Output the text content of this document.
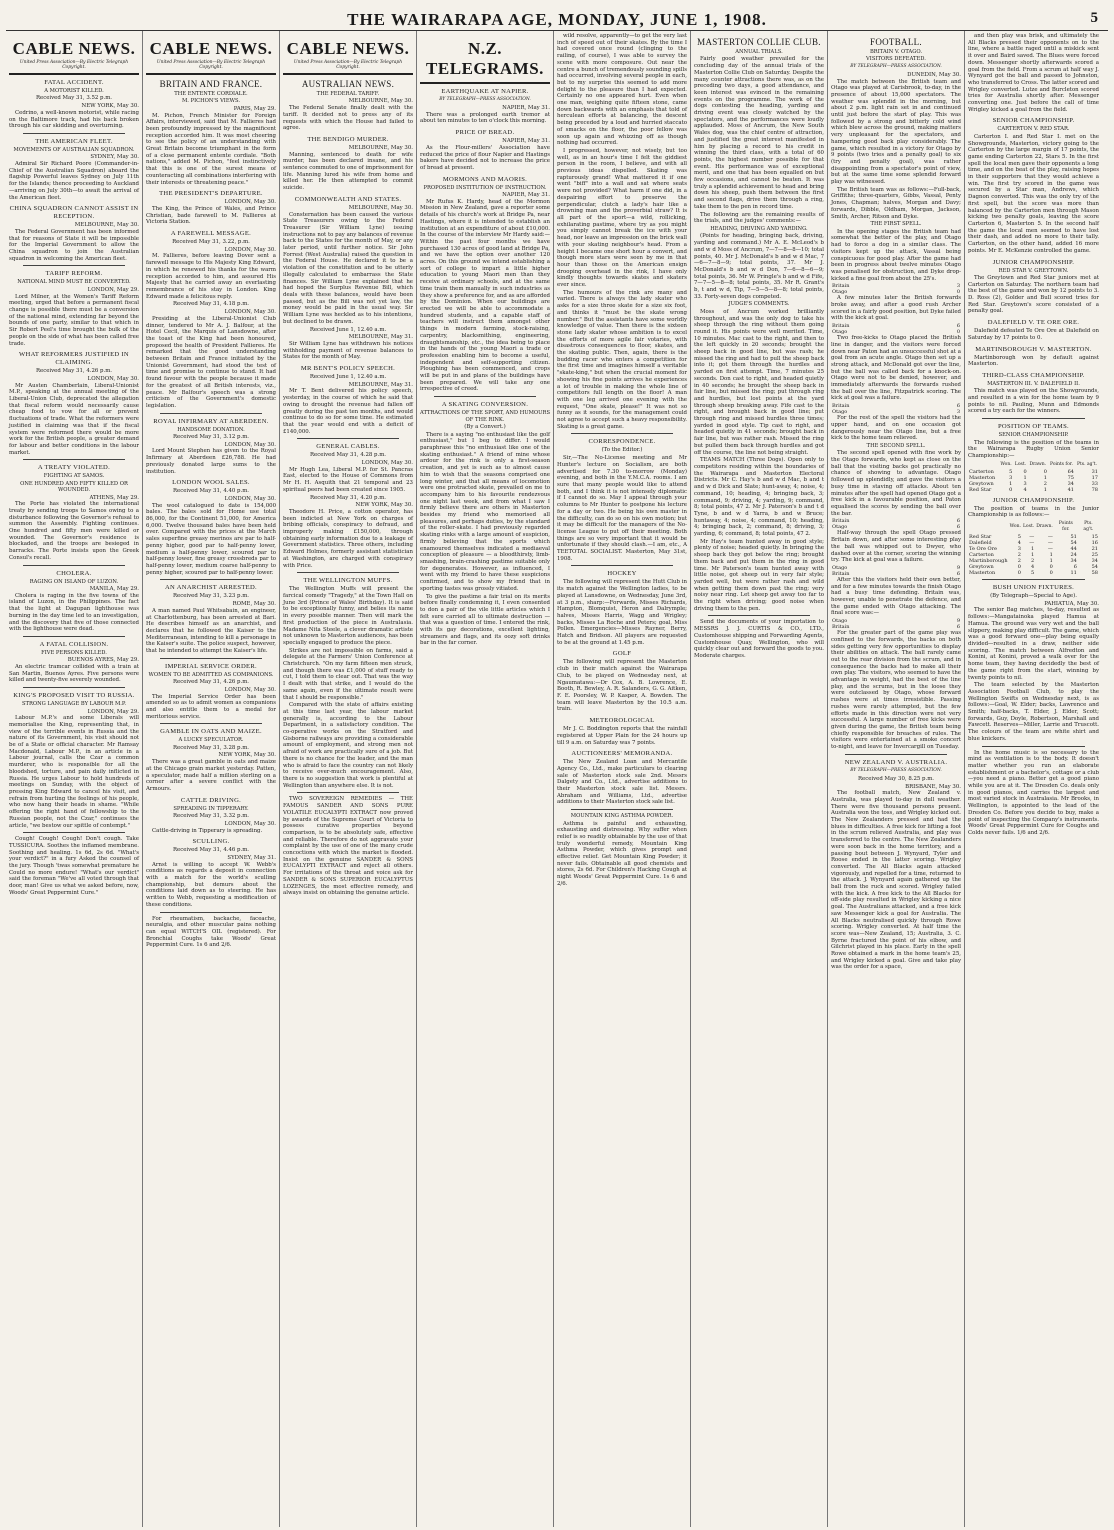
THE WAIRARAPA AGE, MONDAY, JUNE 1, 1908.	5
CABLE NEWS.
United Press Association—By Electric Telegraph Copyright.
FATAL ACCIDENT.
A MOTORIST KILLED.

Received May 31, 3.52 p.m.

NEW YORK, May 30.

Cedrino, a well-known motorist, while racing on the Baltimore track, had his back broken through his car skidding and overturning.

THE AMERICAN FLEET.
MOVEMENTS OF AUSTRALIAN SQUADRON.

SYDNEY, May 30.

Admiral Sir Richard Poore (Commander-in-Chief of the Australian Squadron) aboard the flagship Powerful leaves Sydney on July 11th for the Islands; thence proceeding to Auckland—arriving on July 30th—to await the arrival of the American fleet.

CHINA SQUADRON CANNOT ASSIST IN RECEPTION.

MELBOURNE, May 30.

The Federal Government has been informed that for reasons of State it will be impossible for the Imperial Government to allow the China squadron to join the Australian squadron in welcoming the American fleet.

TARIFF REFORM.
NATIONAL MIND MUST BE CONVERTED.

LONDON, May 29.

Lord Milner, at the Women's Tariff Reform meeting, urged that before a permanent fiscal change is possible there must be a conversion of the national mind, extending far beyond the bounds of one party, similar to that which in Sir Robert Peel's time brought the bulk of the people on the side of what has been called free trade.

WHAT REFORMERS JUSTIFIED IN CLAIMING.

Received May 31, 4.26 p.m.

LONDON, May 30.

Mr Austen Chamberlain, Liberal-Unionist M.P., speaking at the annual meeting of the Liberal-Union Club, deprecated the allegation that fiscal reform would necessarily cause cheap food to vow for all or prevent fluctuations of trade. What the reformers were justified in claiming was that if the fiscal system were reformed there would be more work for the British people, a greater demand for labour and better conditions in the labour market.

A TREATY VIOLATED.
FIGHTING AT SAMOS.
ONE HUNDRED AND FIFTY KILLED OR WOUNDED.

ATHENS, May 29.

The Porte has violated the international treaty by sending troops to Samos owing to a disturbance following the Governor's refusal to summon the Assembly. Fighting continues. One hundred and fifty men were killed or wounded. The Governor's residence is blockaded, and the troops are besieged in barracks. The Porte insists upon the Greek Consul's recall.

CHOLERA.
RAGING ON ISLAND OF LUZON.

MANILA, May 29.

Cholera is raging in the five towns of the island of Luzon, in the Philippines. The fact that the light at Dagupan lighthouse was burning in the day time led to an investigation, and the discovery that five of those connected with the lighthouse were dead.

A FATAL COLLISION.
FIVE PERSONS KILLED.

BUENOS AYRES, May 29.

An electric tramcar collided with a train at San Martin, Buenos Ayres. Five persons were killed and twenty-five severely wounded.

KING'S PROPOSED VISIT TO RUSSIA.
STRONG LANGUAGE BY LABOUR M.P.

LONDON, May 29.

Labour M.P.'s and some Liberals will memorialise the King, representing that, in view of the terrible events in Russia and the nature of its Government, his visit should not be of a State or official character. Mr Ramsay Macdonald, Labour M.P., in an article in a Labour journal, calls the Czar a common murderer, who is responsible for all the bloodshed, torture, and pain daily inflicted in Russia. He urges Labour to hold hundreds of meetings on Sunday, with the object of pressing King Edward to cancel his visit, and refrain from hurting the feelings of his people, who now hang their heads in shame. "While offering the right hand of fellowship to the Russian people, not the Czar," continues the article, "we bestow our spittle of contempt."

Cough! Cough! Cough! Don't cough. Take TUSSICURA. Soothes the inflamed membrane. Soothing and healing. 1s 6d, 2s 6d. "What's your verdict?" in a fury Asked the counsel of the jury. Though 'twas somewhat premature he Could no more endure! "What's our verdict" said the foreman "We've all voted through that door, man! Give us what we asked before, now, Woods' Great Peppermint Cure."

CABLE NEWS.
United Press Association—By Electric Telegraph Copyright.
BRITAIN AND FRANCE.
THE ENTENTE CORDIALE.
M. PICHON'S VIEWS.

PARIS, May 29.

M. Pichon, French Minister for Foreign Affairs, interviewed, said that M. Fallieres had been profoundly impressed by the magnificent reception accorded him. It was most cheering to see the policy of an understanding with Great Britain become triumphant in the form of a close permanent entente cordiale. "Both nations," added M. Pichon, "feel instinctively that this is one of the surest means of counteracting all combinations interfering with their interests or threatening peace."

THE PRESIDENT'S DEPARTURE.

LONDON, May 30.

The King, the Prince of Wales, and Prince Christian, bade farewell to M. Fallieres at Victoria Station.

A FAREWELL MESSAGE.

Received May 31, 3.22, p.m.

LONDON, May 30.

M. Fallieres, before leaving Dover sent a farewell message to His Majesty King Edward, in which he renewed his thanks for the warm reception accorded to him, and assured His Majesty that he carried away an everlasting remembrance of his stay in London. King Edward made a felicitous reply.

Received May 31, 4.18 p.m.

LONDON, May 30.

Presiding at the Liberal-Unionist Club dinner, tendered to Mr A. J. Balfour, at the Hotel Cecil, the Marquis of Lansdowne, after the toast of the King had been honoured, proposed the health of President Fallieres. He remarked that the good understanding between Britain and France initiated by the Unionist Government, had stood the test of time and promise to continue to stand. It had found favour with the people because it made for the greatest of all British interests, viz., peace. Mr Balfour's speech was a strong criticism of the Government's domestic legislation.

ROYAL INFIRMARY AT ABERDEEN.
HANDSOME DONATION.

Received May 31, 3.12 p.m.

LONDON, May 30.

Lord Mount Stephen has given to the Royal Infirmary at Aberdeen £26,788. He had previously donated large sums to the institution.

LONDON WOOL SALES.

Received May 31, 4.40 p.m.

LONDON, May 30.

The wool catalogued to date is 154,000 bales. The bales sold for Home use total 86,000, for the Continent 51,000, for America 6,000. Twelve thousand bales have been held over. Compared with the prices at the March sales superfine greasy merinos are par to half-penny higher, good par to half-penny lower, medium a half-penny lower, scoured par to half-penny lower, fine greasy crossbreds par to half-penny lower, medium coarse half-penny to penny higher, scoured par to half-penny lower.

AN ANARCHIST ARRESTED.

Received May 31, 3.23 p.m.

ROME, May 30.

A man named Paul Whitsabain, an engineer, at Charlottenburg, has been arrested at Bari. He describes himself as an anarchist, and declares that he followed the Kaiser to the Mediterranean, intending to kill a personage in the Kaiser's suite. The police suspect, however, that he intended to attempt the Kaiser's life.

IMPERIAL SERVICE ORDER.
WOMEN TO BE ADMITTED AS COMPANIONS.

Received May 31, 4.26 p.m.

LONDON, May 30.

The Imperial Service Order has been amended so as to admit women as companions and also entitle them to a medal for meritorious service.

GAMBLE IN OATS AND MAIZE.
A LUCKY SPECULATOR.

Received May 31, 3.28 p.m.

NEW YORK, May 30.

There was a great gamble in oats and maize at the Chicago grain market yesterday. Patten, a speculator, made half a million sterling on a corner after a severe conflict with the Armours.

CATTLE DRIVING.
SPREADING IN TIPPERARY.

Received May 31, 3.32 p.m.

LONDON, May 30.

Cattle-driving in Tipperary is spreading.

SCULLING.

Received May 31, 4.46 p.m.

SYDNEY, May 31.

Arnst is willing to accept W. Webb's conditions as regards a deposit in connection with a match for the world's sculling championship, but demurs about the conditions laid down as to steering. He has written to Webb, requesting a modification of these conditions.

For rheumatism, backache, faceache, neuralgia, and other muscular pains nothing can equal WITCH'S OIL (registered). For Bronchial Coughs take Woods' Great Peppermint Cure. 1s 6 and 2/6.

CABLE NEWS.
United Press Association—By Electric Telegraph Copyright.
AUSTRALIAN NEWS.
THE FEDERAL TARIFF.

MELBOURNE, May 30.

The Federal Senate finally dealt with the tariff. It decided not to press any of its requests with which the House had failed to agree.

THE BENDIGO MURDER.

MELBOURNE, May 30.

Manning, sentenced to death for wife murder, has been declared insane, and his sentence commuted to one of imprisonment for life. Manning lured his wife from home and killed her. He then attempted to commit suicide.

COMMONWEALTH AND STATES.

MELBOURNE, May 30.

Consternation has been caused the various State Treasurers owing to the Federal Treasurer (Sir William Lyne) issuing instructions not to pay any balances of revenue back to the States for the month of May, or any later period, until further notice. Sir John Forrest (West Australia) raised the question in the Federal House. He declared it to be a violation of the constitution and to be utterly illegally calculated to embarrass the State finances. Sir William Lyne explained that he had hoped the Surplus Revenue Bill, which deals with these balances, would have been passed, but as the Bill was not yet law, the money would be paid in the usual way. Sir William Lyne was heckled as to his intentions, but declined to be drawn.

Received June 1, 12.40 a.m.

MELBOURNE, May 31.

Sir William Lyne has withdrawn his notices withholding payment of revenue balances to States for the month of May.

MR BENT'S POLICY SPEECH.

Received June 1, 12.40 a.m.

MELBOURNE, May 31.

Mr T. Bent delivered his policy speech, yesterday, in the course of which he said that owing to drought the revenue had fallen off greatly during the past ten months, and would continue to do so for some time. He estimated that the year would end with a deficit of £140,000.

GENERAL CABLES.

Received May 31, 4.28 p.m.

LONDON, May 30.

Mr Hugh Lea, Liberal M.P. for St. Pancras East, elected to the House of Commons from Mr H. H. Asquith that 21 temporal and 23 spiritual peers had been created since 1905.

Received May 31, 4.20 p.m.

NEW YORK, May 30.

Theodore H. Price, a cotton operator, has been indicted at New York on charges of bribing officials, conspiracy to defraud, and improperly making £150,000, through obtaining early information due to a leakage of Government statistics. Three others, including Edward Holmes, formerly assistant statistician at Washington, are charged with conspiracy with Price.

THE WELLINGTON MUFFS.

The Wellington Muffs will present the farcical comedy "Tragedy," at the Town Hall on June 3rd (Prince of Wales' Birthday). It is said to be exceptionally funny, and belies its name in every possible manner. Then will mark the first production of the piece in Australasia. Madame Nita Steele, a clever dramatic artiste not unknown to Masterton audiences, has been specially engaged to produce the piece.

Strikes are not impossible on farms, said a delegate at the Farmers' Union Conference at Christchurch. "On my farm fifteen men struck, and though there was £1,000 of stuff ready to cut, I told them to clear out. That was the way I dealt with that strike, and I would do the same again, even if the ultimate result were that I should be responsible."

Compared with the state of affairs existing at this time last year, the labour market generally is, according to the Labour Department, in a satisfactory condition. The co-operative works on the Stratford and Gisborne railways are providing a considerable amount of employment, and strong men not afraid of work are practically sure of a job. But there is no chance for the leader, and the man who is afraid to face the country can not likely to receive over-much encouragement. Also, there is no suggestion that work is plentiful at Wellington than anywhere else. It is not.

TWO SOVEREIGN REMEDIES — THE FAMOUS SANDER AND SONS PURE VOLATILE EUCALYPTI EXTRACT now proved by awards of the Supreme Court of Victoria to possess curative properties beyond comparison, is to be absolutely safe, effective and reliable. Therefore do not aggravate your complaint by the use of one of the many crude concoctions with which the market is flooded. Insist on the genuine SANDER & SONS EUCALYPTI EXTRACT and reject all others. For irritations of the throat and voice ask for SANDER & SONS SUPERIOR EUCALYPTUS LOZENGES, the most effective remedy, and always insist on obtaining the genuine article.

N.Z. TELEGRAMS.
EARTHQUAKE AT NAPIER.
BY TELEGRAPH—PRESS ASSOCIATION.

NAPIER, May 31.

There was a prolonged earth tremor at about ten minutes to ten o'clock this morning.

PRICE OF BREAD.

NAPIER, May 31.

As the Flour-millers' Association have reduced the price of flour Napier and Hastings bakers have decided not to increase the price of bread at present.

MORMONS AND MAORIS.
PROPOSED INSTITUTION OF INSTRUCTION.

NAPIER, May 31.

Mr Rufus K. Hardy, head of the Mormon Mission in New Zealand, gave a reporter some details of his church's work at Bridge Pa, near Hastings, where it is intended to establish an institution at an expenditure of about £10,000. In the course of the interview Mr Hardy said:—Within the past four months we have purchased 130 acres of good land at Bridge Pa, and we have the option over another 120 acres. On this ground we intend establishing a sort of college to impart a little higher education to young Maori men than they receive at ordinary schools, and at the same time train them manually in such industries as they show a preference for, and as are afforded by the Dominion. When our buildings are erected we will be able to accommodate a hundred students, and a capable staff of teachers will instruct them amongst other things in modern farming, stock-raising, carpentry, blacksmithing, engineering, draughtsmanship, etc., the idea being to place in the hands of the young Maori a trade or profession enabling him to become a useful, independent and self-supporting citizen. Ploughing has been commenced, and crops will be put in and plans of the buildings have been prepared. We will take any one irrespective of creed.

A SKATING CONVERSION.
ATTRACTIONS OF THE SPORT, AND HUMOURS OF THE RINK.
(By a Convert.)

There is a saying "no enthusiast like the golf enthusiast," but I beg to differ. I would paraphrase this "no enthusiast like one of the skating enthusiast." A friend of mine whose ardour for the rink is only a first-season creation, and yet is such as to almost cause him to wish that the seasons comprised one long winter, and that all means of locomotion were one protracted skate, prevailed on me to accompany him to his favourite rendezvous one night last week, and from what I saw I firmly believe there are others in Masterton besides my friend who memorised all pleasures, and perhaps duties, by the standard of the roller-skate. I had previously regarded skating rinks with a large amount of suspicion, firmly believing that the sports which enamoured themselves indicated a mediaeval conception of pleasure — a bloodthirsty, limb-smashing, brain-crashing pastime suitable only for degenerates. However, as influenced, I went with my friend to have these suspicions confirmed, and to show my friend that in sporting tastes was grossly vitiated.

To give the pastime a fair trial on its merits before finally condemning it, I even consented to don a pair of the vile little articles which I felt sure carried all to ultimate destruction — that was a question of time. I entered the rink, with its gay decorations, excellent lighting, streamers and flags, and its oozy soft drinks bar in the far corner.

wild resolve, apparently—to get the very last inch of speed out of their skates. By the time I had covered once round (clinging to the railing, of course), I was able to survey the scene with more composure. Out near the centre a bunch of tremendously sounding spills had occurred, involving several people in each, but to my surprise this seemed to add more delight to the pleasure than I had expected. Certainly no one appeared hurt. Even when one man, weighing quite fifteen stone, came down backwards with an emphasis that told of herculean efforts at balancing, the descent being preceded by a loud and hurried staccato of smacks on the floor, the poor fellow was soon up again and whizzing off as though nothing had occurred.

I progressed, however, not wisely, but too well, as in an hour's time I felt the giddiest person in the room, I believe, and with all previous ideas dispelled. Skating was rapturously grand! What mattered it if one went "biff" into a wall and sat where seats were not provided? What harm if one did, in a despairing effort to preserve the perpendicular, clutch a lady's hair like a drowning man and the proverbial straw? It is all part of the sport—a wild, rollicking, exhilarating pastime, where try as you might you simply cannot break the ice with your head, nor leave an impression on the brick wall with your skating neighbour's head. From a height I became one short hour a convert, and though more stars were seen by me in that hour than those on the American ensign drooping overhead in the rink, I have only kindly thoughts towards skates and skaters ever since.

The humours of the rink are many and varied. There is always the lady skater who asks for a size three skate for a size six foot, and thinks it "must be the skate wrong number." But the assistants have some worldly knowledge of value. Then there is the sixteen stone lady skater whose ambition is to excel the efforts of more agile fair votaries, with disastrous consequences to floor, skates, and the skating public. Then, again, there is the budding racer who enters a competition for the first time and imagines himself a veritable "skate-king," but when the crucial moment for showing his fine points arrives he experiences a lot of trouble in making the whole line of competitors full length on the floor! A man with one leg arrived one evening with the request, "One skate, please!" It was not so funny as it sounds, for the management could not agree to accept such a heavy responsibility. Skating is a great game.

CORRESPONDENCE.
(To the Editor.)

Sir,—The No-License meeting and Mr Hunter's lecture on Socialism, are both advertised for 7.30 to-morrow (Monday) evening, and both in the Y.M.C.A. rooms. I am sure that many people would like to attend both, and I think it is not intensely diplomatic if I cannot do so. May I appeal through your columns to Mr Hunter to postpone his lecture for a day or two. He being his own master in the difficulty, can do so on his own motion; but it may be difficult for the managers of the No-license League to put off their meeting. Both things are so very important that it would be unfortunate if they should clash.—I am, etc., A TEETOTAL SOCIALIST. Masterton, May 31st, 1908.

HOCKEY

The following will represent the Hutt Club in its match against the Wellington ladies, to be played at Lansdowne, on Wednesday, June 3rd, at 3 p.m., sharp:—Forwards, Misses Richards, Hampton, Blomquist, Heron and Dalrymple; halves, Misses Harris, Wagg and Wrigley; backs, Misses La Roche and Peters; goal, Miss Pollen. Emergencies—Misses Rayner, Berry, Hatch and Bridson. All players are requested to be at the ground at 1.45 p.m.

GOLF

The following will represent the Masterton club in their match against the Wairarapa Club, to be played on Wednesday next, at Ngaumatawa:—Dr Cox, A. B. Lowrence, E. Booth, R. Bewley, A. R. Salanders, G. G. Aitken, F. E. Poorsley, W. P. Kasper, A. Bowden. The team will leave Masterton by the 10.5 a.m. train.

METEOROLOGICAL

Mr J. C. Boddington reports that the rainfall registered at Upper Plain for the 24 hours up till 9 a.m. on Saturday was 7 points.

AUCTIONEERS' MEMORANDA.

The New Zealand Loan and Mercantile Agency Co., Ltd., make particulars to clearing sale of Masterton stock sale 2nd. Messrs Dalgety and Co., Ltd., advertise additions to their Masterton stock sale list. Messrs. Abraham and Williams, Ltd., advertise additions to their Masterton stock sale list.

MOUNTAIN KING ASTHMA POWDER.

Asthma is painful and exhausting, exhausting and distressing. Why suffer when relief is so readily obtainable by the use of that truly wonderful remedy, Mountain King Asthma Powder, which gives prompt and effective relief. Get Mountain King Powder; it never fails. Obtainable all good chemists and stores, 2s 6d. For Children's Hacking Cough at night Woods' Great Peppermint Cure. 1s 6 and 2/6.

MASTERTON COLLIE CLUB.
ANNUAL TRIALS.

Fairly good weather prevailed for the concluding day of the annual trials of the Masterton Collie Club on Saturday. Despite the many counter attractions there was, as on the preceding two days, a good attendance, and keen interest was evinced in the remaining events on the programme. The work of the dogs contesting the heading, yarding and driving event was closely watched by the spectators, and the performances were loudly applauded. Moss of Ancrum, the New South Wales dog, was the chief centre of attraction, and justified the great interest manifested in him by placing a record to his credit in winning the third class, with a total of 60 points, the highest number possible for that event. His performance was of exceptional merit, and one that has been equalled on but few occasions, and cannot be beaten. It was truly a splendid achievement to head and bring down his sheep, push them between the first and second flags, drive them through a ring, take them to the pen in record time.

The following are the remaining results of the trials, and the judges' comments:—

HEADING, DRIVING AND YARDING.

(Points for heading, bringing back, driving, yarding and command.) Mr A. E. McLeod's b and w d Moss of Ancrum, 7—7—8—8—10; total points, 40. Mr J. McDonald's b and w d Mac, 7—6—7—8—9; total points, 37. Mr J. McDonald's b and w d Don, 7—6—8—6—9; total points, 36. Mr W. Pringle's b and w d Fife, 7—7—5—8—8; total points, 35. Mr R. Grant's b, t and w d, Tip, 7—5—5—8—8; total points, 33. Forty-seven dogs competed.

JUDGE'S COMMENTS.

Moss of Ancrum worked brilliantly throughout, and was the only dog to take his sheep through the ring without them going round it. His points were well merited. Time, 10 minutes. Mac cast to the right, and then to the left quickly in 20 seconds; brought the sheep back in good line, but was rash; he missed the ring and had to pull the sheep back into it; got them through the hurdles and yarded on first attempt. Time, 7 minutes 25 seconds. Don cast to right, and headed quietly in 40 seconds; he brought the sheep back in fair line, but missed the ring; put through ring and hurdles, but lost points at the yard through sheep breaking away. Fife cast to the right, and brought back in good line; put through ring and missed hurdles three times; yarded in good style. Tip cast to right, and headed quietly in 41 seconds; brought back in fair line, but was rather rash. Missed the ring but pulled them back through hurdles and got off the course, the line not being straight.

TEAMS MATCH (Three Dogs). Open only to competitors residing within the boundaries of the Wairarapa and Masterton Electoral Districts. Mr C. Hay's b and w d Mac, b and t and w d Dick and Slate; hunt-away, 4; noise, 4; command, 10; heading, 4; bringing back, 3; command, 9; driving, 4; yarding, 9; command, 8; total points, 47 2. Mr J. Paterson's b and t d Tyne, b and w d Yarra, b and w Bruce; huntaway, 4; noise, 4; command, 10; heading, 4; bringing back, 2; command, 8; driving, 3; yarding, 6; command, 8; total points, 47 2.

Mr Hay's team hunted away in good style; plenty of noise; headed quietly. In bringing the sheep back they got below the ring; brought them back and put them in the ring in good time. Mr Paterson's team hunted away with little noise, got sheep out in very fair style; yarded well, but were rather rash and wild when getting them down past the ring; very noisy near ring. Let sheep get away too far to the right when driving; good noise when driving them to the pen.

Send the documents of your importation to MESSRS J. J. CURTIS & CO., LTD., Customhouse shipping and Forwarding Agents, Customhouse Quay, Wellington, who will quickly clear out and forward the goods to you. Moderate charges.

FOOTBALL.
BRITAIN V. OTAGO.
VISITORS DEFEATED.
BY TELEGRAPH—PRESS ASSOCIATION.

DUNEDIN, May 30.

The match between the British team and Otago was played at Carisbrook, to-day, in the presence of about 15,000 spectators. The weather was splendid in the morning, but about 2 p.m. light rain set in and continued until just before the start of play. This was followed by a strong and bitterly cold wind which blew across the ground, making matters very unpleasant for the spectators, and hampering good back play considerably. The game, which resulted in a victory for Otago by 9 points (two tries and a penalty goal) to six (try and penalty goal), was rather disappointing from a spectator's point of view, but at the same time some splendid forward play was witnessed.

The British team was as follows:—Full-back, Griffiths; three-quarters, Gibbs, Vassal, Penty Jones, Chapman; halves, Morgan and Davy; forwards, Dibble, Oldham, Morgan, Jackson, Smith, Archer, Ritson and Dyke.

THE FIRST SPELL.

In the opening stages the British team had somewhat the better of the play, and Otago had to force a dog in a similar class. The visitors kept up the attack, Vassal being conspicuous for good play. After the game had been in progress about twelve minutes Otago was penalised for obstruction, and Dyke drop-kicked a fine goal from about the 25's.

Britain	3
Otago	0

A few minutes later the British forwards broke away, and after a good rush Archer scored in a fairly good position, but Dyke failed with the kick at goal.

Britain	6
Otago	0

Two free-kicks to Otago placed the British line in danger, and the visitors were forced down near Paton had an unsuccessful shot at a goal from an acute angle. Otago then set up a strong attack, and McDonald got over the line, but the ball was called back for a knock-on. Otago were not to be denied, however, and immediately afterwards the forwards rushed the ball over the line, Fitzpatrick scoring. The kick at goal was a failure.

Britain	6
Otago	3

For the rest of the spell the visitors had the upper hand, and on one occasion got dangerously near the Otago line, but a free kick to the home team relieved.

THE SECOND SPELL.

The second spell opened with fine work by the Otago forwards, who kept as close on the ball that the visiting backs got practically no chance of showing to advantage. Otago followed up splendidly, and gave the visitors a busy time in staving off attacks. About ten minutes after the spell had opened Otago got a free kick in a favourable position, and Paton equalised the scores by sending the ball over the bar.

Britain	6
Otago	6

Half-way through the spell Otago pressed Britain down, and after some interesting play the ball was whipped out to Dwyer, who dashed over at the corner, scoring the winning try. The kick at goal was a failure.

Otago	9
Britain	6

After this the visitors held their own better, and for a few minutes towards the finish Otago had a busy time defending. Britain was, however, unable to penetrate the defence, and the game ended with Otago attacking. The final score was:—

Otago	9
Britain	6

For the greater part of the game play was confined to the forwards, the backs on both sides getting very few opportunities to display their abilities on attack. The ball rarely came out to the rear division from the scrum, and in consequence the backs had to make all their own play. The visitors, who seemed to have the advantage in weight, had the best of the line play, and the scrums, but in the loose they were outclassed by Otago, whose forward rushes were at times irresistible. Passing rushes were rarely attempted, but the few efforts made in this direction were not very successful. A large number of free kicks were given during the game, the British team being chiefly responsible for breaches of rules. The visitors were entertained at a smoke concert to-night, and leave for Invercargill on Tuesday.

NEW ZEALAND V. AUSTRALIA.
BY TELEGRAPH—PRESS ASSOCIATION.

Received May 30, 8.25 p.m.

BRISBANE, May 30.

The football match, New Zealand v. Australia, was played to-day in dull weather. There were five thousand persons present. Australia won the toss, and Wrigley kicked out. The New Zealanders pressed and had the blues in difficulties. A free kick for lifting a foot in the scrum relieved Australia, and play was transferred to the centre. The New Zealanders were soon back in the home territory, and a passing bout between J. Wynyard, Tyler and Roose ended in the latter scoring. Wrigley converted. The All Blacks again attacked vigorously, and repelled for a time, returned to the attack. J. Wynyard again gathered up the ball from the ruck and scored. Wrigley failed with the kick. A free kick to the All Blacks for off-side play resulted in Wrigley kicking a nice goal. The Australians attacked, and a free kick saw Messenger kick a goal for Australia. The All Blacks neutralised quickly through Rowe scoring. Wrigley converted. At half time the score was—New Zealand, 15; Australia, 3. C. Byrne fractured the point of his elbow, and Gilchrist played in his place. Early in the spell Rowe obtained a mark in the home team's 25, and Wrigley kicked a goal. Give and take play was the order for a space,

and then play was brisk, and ultimately the All Blacks pressed their opponents on to the line, where a battle raged until a miskick sent it over and Baird saved. The Blues were forced down. Messenger shortly afterwards scored a goal from the field. From a scrum at half way J. Wynyard got the ball and passed to Johnston, who transferred to Cross. The latter scored and Wrigley converted. Lutze and Burcleton scored tries for Australia shortly after. Messenger converting one. Just before the call of time Wrigley kicked a goal from the field.

SENIOR CHAMPIONSHIP.
CARTERTON V. RED STAR.

Carterton I. and Red Star I. met on the Showgrounds, Masterton, victory going to the Carterton by the large margin of 17 points, the game ending Carterton 22, Stars 5. In the first spell the local men gave their opponents a long time, and on the beat of the play, raising hopes in their supporters that they would achieve a win. The first try scored in the game was secured by a Star man, Andrews, which Dagnon converted. This was the only try of the first spell, but the score was more than balanced by the Carterton men through Mason kicking two penalty goals, leaving the score Carterton 6, Masterton 5. In the second half the game the local men seemed to have lost their dash, and added no more to their tally. Carterton, on the other hand, added 16 more points. Mr E. McKenzie controlled the game.

JUNIOR CHAMPIONSHIP.
RED STAR V. GREYTOWN.

The Greytown and Red Star juniors met at Carterton on Saturday. The northern team had the best of the game and won by 12 points to 3. D. Ross (2), Golder and Bull scored tries for Red Star. Greytown's score consisted of a penalty goal.

DALEFIELD V. TE ORE ORE.

Dalefield defeated Te Ore Ore at Dalefield on Saturday by 17 points to 0.

MARTINBOROUGH V. MASTERTON.

Martinborough won by default against Masterton.

THIRD-CLASS CHAMPIONSHIP.
MASTERTON III. V. DALEFIELD II.

This match was played on the Showgrounds, and resulted in a win for the home team by 9 points to nil. Pauling, Munn and Edmonds scored a try each for the winners.

POSITION OF TEAMS.
SENIOR CHAMPIONSHIP.

The following is the position of the teams in the Wairarapa Rugby Union Senior Championship:—

	Won.	Lost.	Drawn.	Points for.	Pts. ag't.
Carterton	5	0	0	64	31
Masterton	3	1	1	75	17
Greytown	1	3	2	34	33
Red Star	0	4	1	41	78
JUNIOR CHAMPIONSHIP.

The position of teams in the Junior Championship is as follows:—

	Won.	Lost.	Drawn.	Points for.	Pts. ag't.
Red Star	5	—	—	51	15
Dalefield	4	—	—	54	16
Te Ore Ore	3	1	—	44	21
Carterton	2	1	1	24	25
Martinborough	2	2	1	34	34
Greytown	0	4	0	6	54
Masterton	0	5	0	11	58
BUSH UNION FIXTURES.
(By Telegraph—Special to Age).

PAHIATUA, May 30.

The senior Bag matches, to-day, resulted as follows:—Mangatainoka played Hamua at Hamua. The ground was very wet and the ball slippery, making play difficult. The game, which was a good forward one—play being equally divided—resulted in a draw, neither side scoring. The match between Alfredton and Konini, at Konini, proved a walk over for the home team, they having decidedly the best of the game right from the start, winning by twenty points to nil.

The team selected by the Masterton Association Football Club, to play the Wellington Swifts on Wednesday next, is as follows:—Goal, W. Elder; backs, Lawrence and Smith; half-backs, T. Elder, J. Elder, Scott; forwards, Guy, Doyle, Robertson, Marshall and Fawcett. Reserves—Miller, Larrie and Truscott. The colours of the team are white shirt and blue knickers.

In the home music is so necessary to the mind as ventilation is to the body. It doesn't matter whether you run an elaborate establishment or a bachelor's, cottage or a club—you need a piano. Better get a good piano while you are at it. The Dresden Co. deals only in good pianos, and carries the largest and most varied stock in Australasia. Mr Brooks, in Wellington, is appointed to the lead of the Dresden Co. Before you decide to buy, make a point of inspecting the Company's instruments. Woods' Great Peppermint Cure for Coughs and Colds never fails. 1/6 and 2/6.
